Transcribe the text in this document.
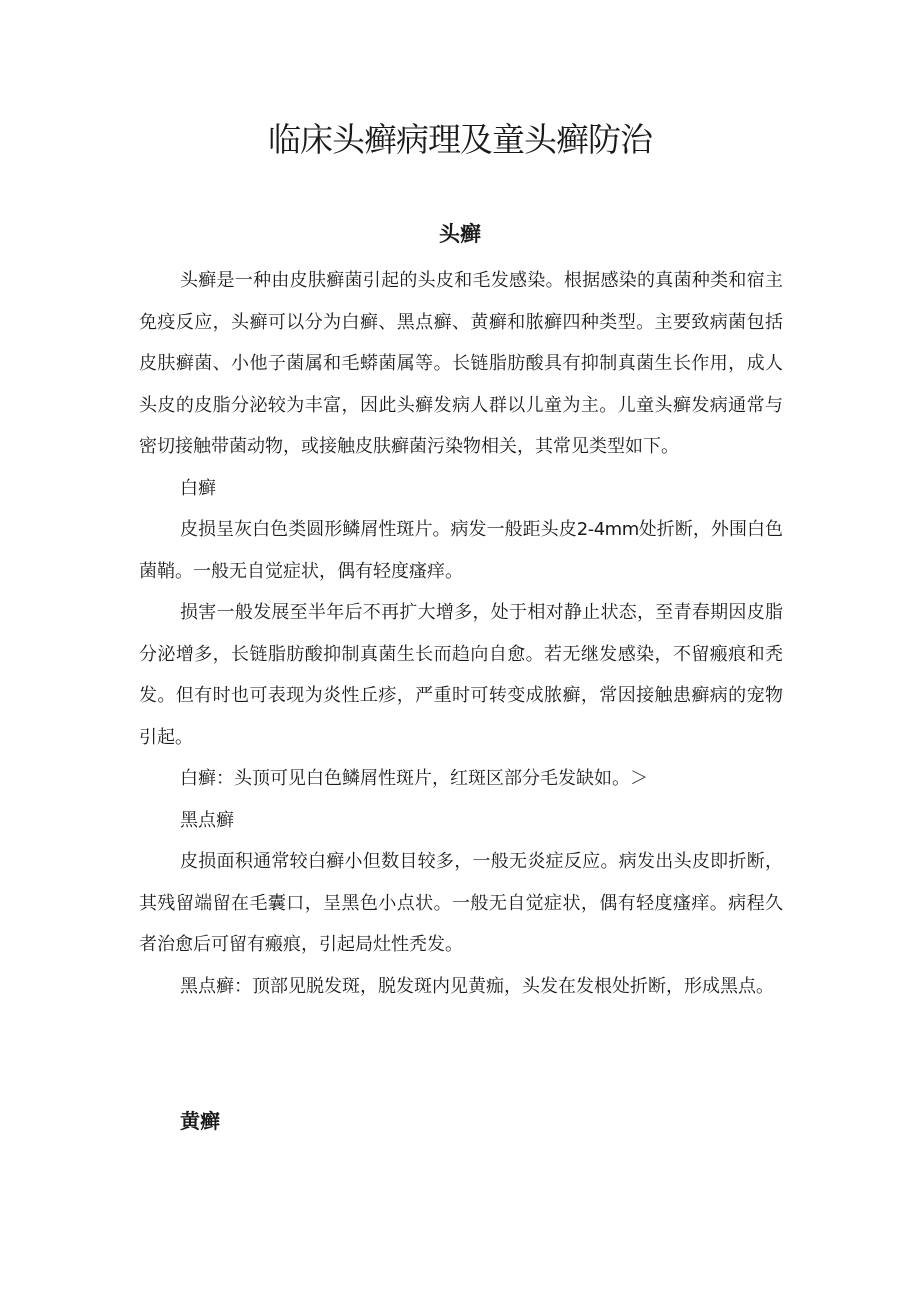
临床头癣病理及童头癣防治
头癣

头癣是一种由皮肤癣菌引起的头皮和毛发感染。根据感染的真菌种类和宿主免疫反应，头癣可以分为白癣、黑点癣、黄癣和脓癣四种类型。主要致病菌包括皮肤癣菌、小他子菌属和毛蟒菌属等。长链脂肪酸具有抑制真菌生长作用，成人头皮的皮脂分泌较为丰富，因此头癣发病人群以儿童为主。儿童头癣发病通常与密切接触带菌动物，或接触皮肤癣菌污染物相关，其常见类型如下。

白癣

皮损呈灰白色类圆形鳞屑性斑片。病发一般距头皮2-4mm处折断，外围白色菌鞘。一般无自觉症状，偶有轻度瘙痒。

损害一般发展至半年后不再扩大增多，处于相对静止状态，至青春期因皮脂分泌增多，长链脂肪酸抑制真菌生长而趋向自愈。若无继发感染，不留瘢痕和秃发。但有时也可表现为炎性丘疹，严重时可转变成脓癣，常因接触患癣病的宠物引起。

白癣：头顶可见白色鳞屑性斑片，红斑区部分毛发缺如。＞

黑点癣

皮损面积通常较白癣小但数目较多，一般无炎症反应。病发出头皮即折断，其残留端留在毛囊口，呈黑色小点状。一般无自觉症状，偶有轻度瘙痒。病程久者治愈后可留有瘢痕，引起局灶性秃发。

黑点癣：顶部见脱发斑，脱发斑内见黄痂，头发在发根处折断，形成黑点。

黄癣
